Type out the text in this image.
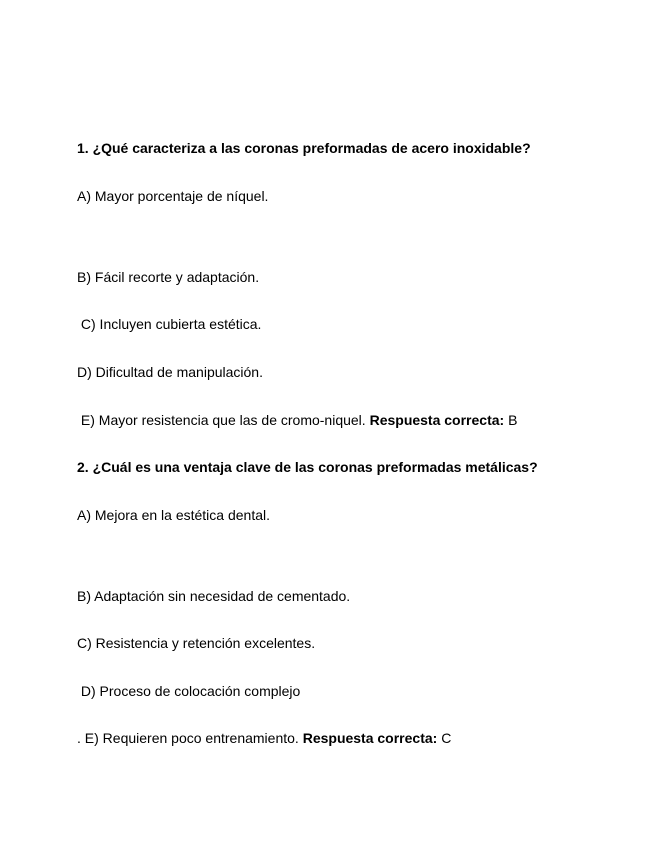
1. ¿Qué caracteriza a las coronas preformadas de acero inoxidable?
A) Mayor porcentaje de níquel.
B) Fácil recorte y adaptación.
C) Incluyen cubierta estética.
D) Dificultad de manipulación.
E) Mayor resistencia que las de cromo-niquel. Respuesta correcta: B
2. ¿Cuál es una ventaja clave de las coronas preformadas metálicas?
A) Mejora en la estética dental.
B) Adaptación sin necesidad de cementado.
C) Resistencia y retención excelentes.
D) Proceso de colocación complejo
. E) Requieren poco entrenamiento. Respuesta correcta: C
